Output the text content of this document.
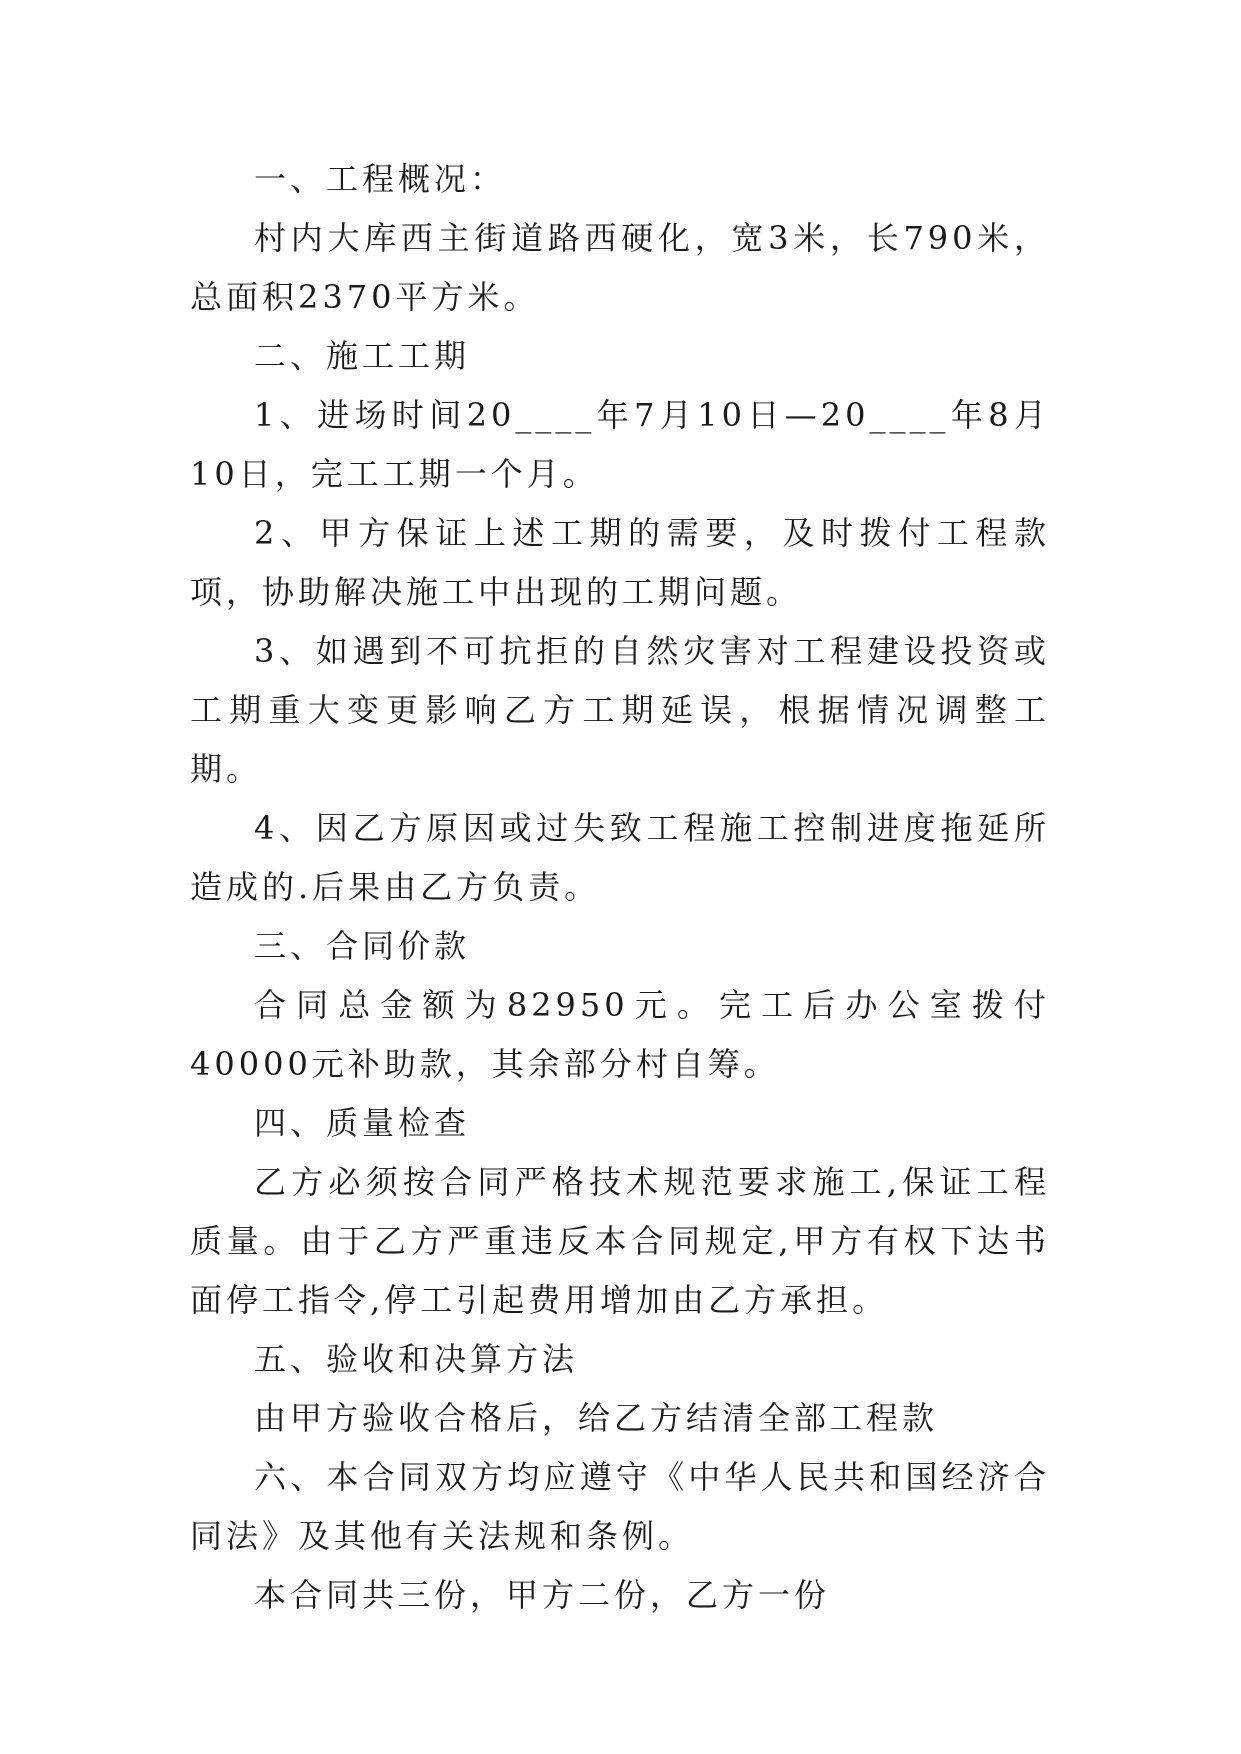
一、工程概况：

村内大库西主街道路西硬化，宽3米，长790米，总面积2370平方米。

二、施工工期

1、进场时间20____年7月10日—20____年8月10日，完工工期一个月。

2、甲方保证上述工期的需要，及时拨付工程款项，协助解决施工中出现的工期问题。

3、如遇到不可抗拒的自然灾害对工程建设投资或工期重大变更影响乙方工期延误，根据情况调整工期。

4、因乙方原因或过失致工程施工控制进度拖延所造成的.后果由乙方负责。

三、合同价款

合同总金额为82950元。完工后办公室拨付40000元补助款，其余部分村自筹。

四、质量检查

乙方必须按合同严格技术规范要求施工,保证工程质量。由于乙方严重违反本合同规定,甲方有权下达书面停工指令,停工引起费用增加由乙方承担。

五、验收和决算方法

由甲方验收合格后，给乙方结清全部工程款

六、本合同双方均应遵守《中华人民共和国经济合同法》及其他有关法规和条例。

本合同共三份，甲方二份，乙方一份
